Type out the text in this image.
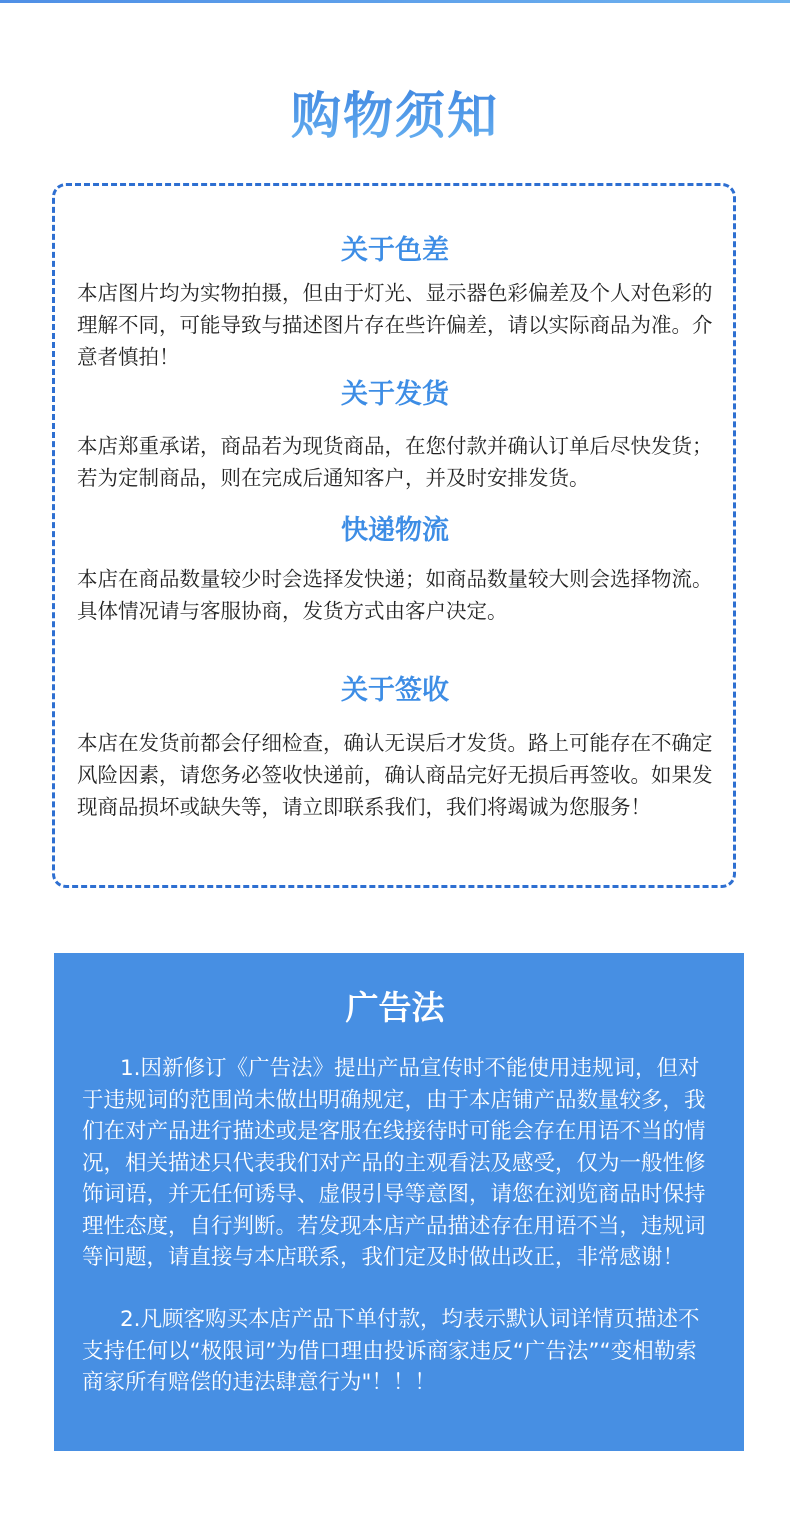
购物须知
关于色差
本店图片均为实物拍摄，但由于灯光、显示器色彩偏差及个人对色彩的理解不同，可能导致与描述图片存在些许偏差，请以实际商品为准。介意者慎拍！
关于发货
本店郑重承诺，商品若为现货商品，在您付款并确认订单后尽快发货；若为定制商品，则在完成后通知客户，并及时安排发货。
快递物流
本店在商品数量较少时会选择发快递；如商品数量较大则会选择物流。具体情况请与客服协商，发货方式由客户决定。
关于签收
本店在发货前都会仔细检查，确认无误后才发货。路上可能存在不确定风险因素，请您务必签收快递前，确认商品完好无损后再签收。如果发现商品损坏或缺失等，请立即联系我们，我们将竭诚为您服务！
广告法
1.因新修订《广告法》提出产品宣传时不能使用违规词，但对于违规词的范围尚未做出明确规定，由于本店铺产品数量较多，我们在对产品进行描述或是客服在线接待时可能会存在用语不当的情况，相关描述只代表我们对产品的主观看法及感受，仅为一般性修饰词语，并无任何诱导、虚假引导等意图，请您在浏览商品时保持理性态度，自行判断。若发现本店产品描述存在用语不当，违规词等问题，请直接与本店联系，我们定及时做出改正，非常感谢！
2.凡顾客购买本店产品下单付款，均表示默认词详情页描述不支持任何以“极限词”为借口理由投诉商家违反“广告法”“变相勒索商家所有赔偿的违法肆意行为"！！！
